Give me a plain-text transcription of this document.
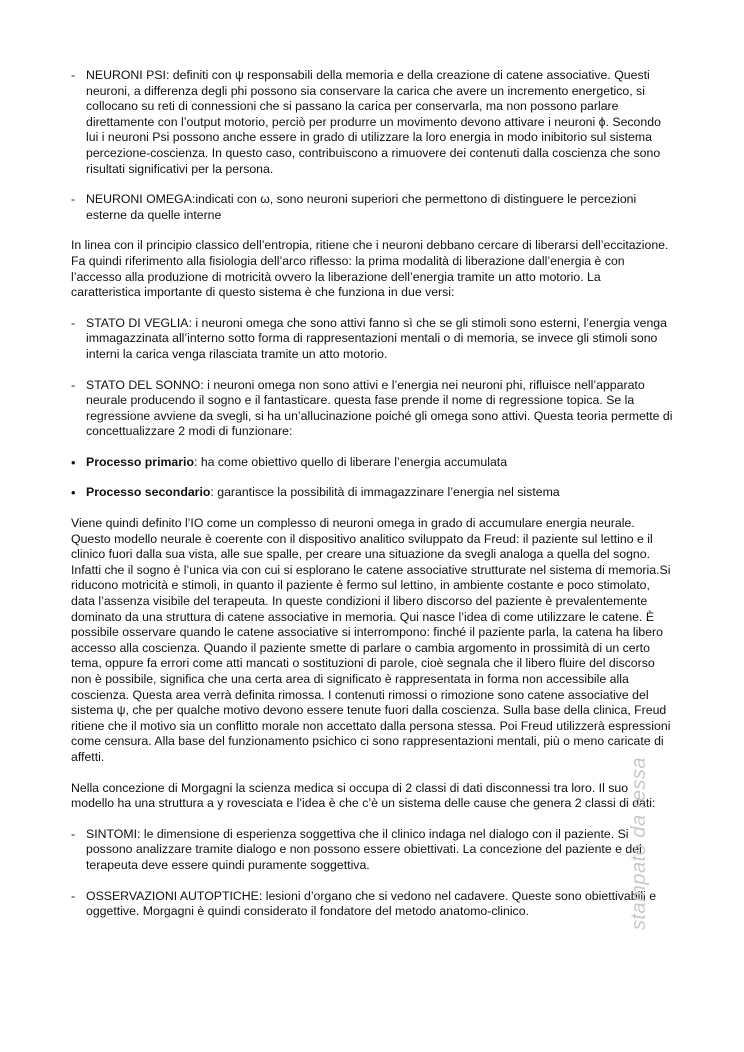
- NEURONI PSI: definiti con ψ responsabili della memoria e della creazione di catene associative. Questi neuroni, a differenza degli phi possono sia conservare la carica che avere un incremento energetico, si collocano su reti di connessioni che si passano la carica per conservarla, ma non possono parlare direttamente con l’output motorio, perciò per produrre un movimento devono attivare i neuroni ϕ. Secondo lui i neuroni Psi possono anche essere in grado di utilizzare la loro energia in modo inibitorio sul sistema percezione-coscienza. In questo caso, contribuiscono a rimuovere dei contenuti dalla coscienza che sono risultati significativi per la persona.

- NEURONI OMEGA:indicati con ω, sono neuroni superiori che permettono di distinguere le percezioni esterne da quelle interne

In linea con il principio classico dell’entropia, ritiene che i neuroni debbano cercare di liberarsi dell’eccitazione. Fa quindi riferimento alla fisiologia dell’arco riflesso: la prima modalità di liberazione dall’energia è con l’accesso alla produzione di motricità ovvero la liberazione dell’energia tramite un atto motorio. La caratteristica importante di questo sistema è che funziona in due versi:

- STATO DI VEGLIA: i neuroni omega che sono attivi fanno sì che se gli stimoli sono esterni, l’energia venga immagazzinata all’interno sotto forma di rappresentazioni mentali o di memoria, se invece gli stimoli sono interni la carica venga rilasciata tramite un atto motorio.

- STATO DEL SONNO: i neuroni omega non sono attivi e l’energia nei neuroni phi, rifluisce nell’apparato neurale producendo il sogno e il fantasticare. questa fase prende il nome di regressione topica. Se la regressione avviene da svegli, si ha un’allucinazione poiché gli omega sono attivi. Questa teoria permette di concettualizzare 2 modi di funzionare:

• Processo primario: ha come obiettivo quello di liberare l’energia accumulata

• Processo secondario: garantisce la possibilità di immagazzinare l’energia nel sistema

Viene quindi definito l’IO come un complesso di neuroni omega in grado di accumulare energia neurale. Questo modello neurale è coerente con il dispositivo analitico sviluppato da Freud: il paziente sul lettino e il clinico fuori dalla sua vista, alle sue spalle, per creare una situazione da svegli analoga a quella del sogno. Infatti che il sogno è l’unica via con cui si esplorano le catene associative strutturate nel sistema di memoria.Si riducono motricità e stimoli, in quanto il paziente è fermo sul lettino, in ambiente costante e poco stimolato, data l’assenza visibile del terapeuta. In queste condizioni il libero discorso del paziente è prevalentemente dominato da una struttura di catene associative in memoria. Qui nasce l’idea di come utilizzare le catene. È possibile osservare quando le catene associative si interrompono: finché il paziente parla, la catena ha libero accesso alla coscienza. Quando il paziente smette di parlare o cambia argomento in prossimità di un certo tema, oppure fa errori come atti mancati o sostituzioni di parole, cioè segnala che il libero fluire del discorso non è possibile, significa che una certa area di significato è rappresentata in forma non accessibile alla coscienza. Questa area verrà definita rimossa. I contenuti rimossi o rimozione sono catene associative del sistema ψ, che per qualche motivo devono essere tenute fuori dalla coscienza. Sulla base della clinica, Freud ritiene che il motivo sia un conflitto morale non accettato dalla persona stessa. Poi Freud utilizzerà espressioni come censura. Alla base del funzionamento psichico ci sono rappresentazioni mentali, più o meno caricate di affetti.

Nella concezione di Morgagni la scienza medica si occupa di 2 classi di dati disconnessi tra loro. Il suo modello ha una struttura a y rovesciata e l’idea è che c’è un sistema delle cause che genera 2 classi di dati:

- SINTOMI: le dimensione di esperienza soggettiva che il clinico indaga nel dialogo con il paziente. Si possono analizzare tramite dialogo e non possono essere obiettivati. La concezione del paziente e del terapeuta deve essere quindi puramente soggettiva.

- OSSERVAZIONI AUTOPTICHE: lesioni d’organo che si vedono nel cadavere. Queste sono obiettivabili e oggettive. Morgagni è quindi considerato il fondatore del metodo anatomo-clinico.	stampato da ressa
